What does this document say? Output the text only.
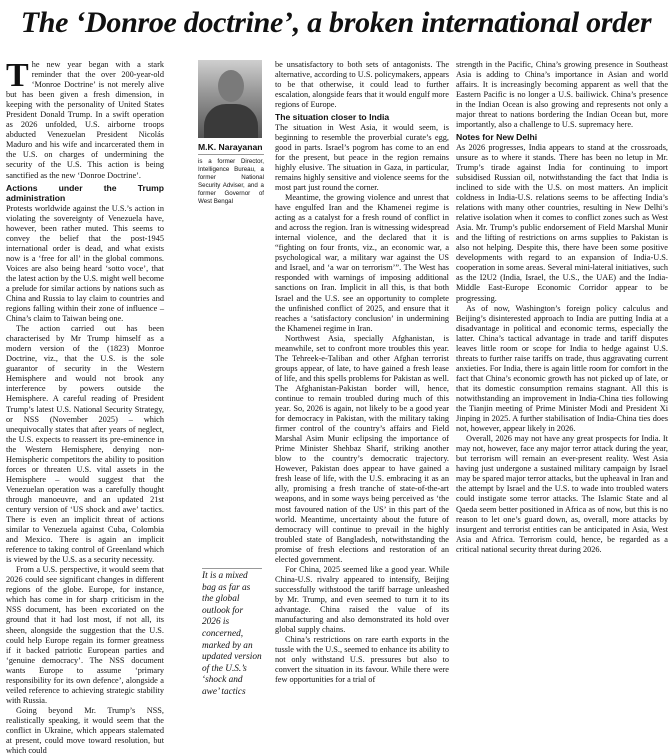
The ‘Donroe doctrine’, a broken international order

The new year began with a stark reminder that the over 200-year-old ‘Monroe Doctrine’ is not merely alive but has been given a fresh dimension, in keeping with the personality of United States President Donald Trump. In a swift operation as 2026 unfolded, U.S. airborne troops abducted Venezuelan President Nicolás Maduro and his wife and incarcerated them in the U.S. on charges of undermining the security of the U.S. This action is being sanctified as the new ‘Donroe Doctrine’.

Actions under the Trump administration

Protests worldwide against the U.S.’s action in violating the sovereignty of Venezuela have, however, been rather muted. This seems to convey the belief that the post-1945 international order is dead, and what exists now is a ‘free for all’ in the global commons. Voices are also being heard ‘sotto voce’, that the latest action by the U.S. might well become a prelude for similar actions by nations such as China and Russia to lay claim to countries and regions falling within their zone of influence – China’s claim to Taiwan being one.

The action carried out has been characterised by Mr Trump himself as a modern version of the (1823) Monroe Doctrine, viz., that the U.S. is the sole guarantor of security in the Western Hemisphere and would not brook any interference by powers outside the Hemisphere. A careful reading of President Trump’s latest U.S. National Security Strategy, or NSS (November 2025) – which unequivocally states that after years of neglect, the U.S. expects to reassert its pre-eminence in the Western Hemisphere, denying non-Hemispheric competitors the ability to position forces or threaten U.S. vital assets in the Hemisphere – would suggest that the Venezuelan operation was a carefully thought through manoeuvre, and an updated 21st century version of ‘US shock and awe’ tactics. There is even an implicit threat of actions similar to Venezuela against Cuba, Colombia and Mexico. There is again an implicit reference to taking control of Greenland which is viewed by the U.S. as a security necessity.

From a U.S. perspective, it would seem that 2026 could see significant changes in different regions of the globe. Europe, for instance, which has come in for sharp criticism in the NSS document, has been excoriated on the ground that it had lost most, if not all, its sheen, alongside the suggestion that the U.S. could help Europe regain its former greatness if it backed patriotic European parties and ‘genuine democracy’. The NSS document wants Europe to assume ‘primary responsibility for its own defence’, alongside a veiled reference to achieving strategic stability with Russia.

Going beyond Mr. Trump’s NSS, realistically speaking, it would seem that the conflict in Ukraine, which appears stalemated at present, could move toward resolution, but which could

M.K. Narayanan
is a former Director, Intelligence Bureau, a former National Security Adviser, and a former Governor of West Bengal
It is a mixed bag as far as the global outlook for 2026 is concerned, marked by an updated version of the U.S.’s ‘shock and awe’ tactics

be unsatisfactory to both sets of antagonists. The alternative, according to U.S. policymakers, appears to be that otherwise, it could lead to further escalation, alongside fears that it would engulf more regions of Europe.

The situation closer to India

The situation in West Asia, it would seem, is beginning to resemble the proverbial curate’s egg, good in parts. Israel’s pogrom has come to an end for the present, but peace in the region remains highly elusive. The situation in Gaza, in particular, remains highly sensitive and violence seems for the most part just round the corner.

Meantime, the growing violence and unrest that have engulfed Iran and the Khamenei regime is acting as a catalyst for a fresh round of conflict in and across the region. Iran is witnessing widespread internal violence, and the declared that it is “fighting on four fronts, viz., an economic war, a psychological war, a military war against the US and Israel, and ‘a war on terrorism’”. The West has responded with warnings of imposing additional sanctions on Iran. Implicit in all this, is that both Israel and the U.S. see an opportunity to complete the unfinished conflict of 2025, and ensure that it reaches a ‘satisfactory conclusion’ in undermining the Khamenei regime in Iran.

Northwest Asia, specially Afghanistan, is meanwhile, set to confront more troubles this year. The Tehreek-e-Taliban and other Afghan terrorist groups appear, of late, to have gained a fresh lease of life, and this spells problems for Pakistan as well. The Afghanistan-Pakistan border will, hence, continue to remain troubled during much of this year. So, 2026 is again, not likely to be a good year for democracy in Pakistan, with the military taking firmer control of the country’s affairs and Field Marshal Asim Munir eclipsing the importance of Prime Minister Shehbaz Sharif, striking another blow to the country’s democratic trajectory. However, Pakistan does appear to have gained a fresh lease of life, with the U.S. embracing it as an ally, promising a fresh tranche of state-of-the-art weapons, and in some ways being perceived as ‘the most favoured nation of the US’ in this part of the world. Meantime, uncertainty about the future of democracy will continue to prevail in the highly troubled state of Bangladesh, notwithstanding the promise of fresh elections and restoration of an elected government.

For China, 2025 seemed like a good year. While China-U.S. rivalry appeared to intensify, Beijing successfully withstood the tariff barrage unleashed by Mr. Trump, and even seemed to turn it to its advantage. China raised the value of its manufacturing and also demonstrated its hold over global supply chains.

China’s restrictions on rare earth exports in the tussle with the U.S., seemed to enhance its ability to not only withstand U.S. pressures but also to convert the situation in its favour. While there were few opportunities for a trial of

strength in the Pacific, China’s growing presence in Southeast Asia is adding to China’s importance in Asian and world affairs. It is increasingly becoming apparent as well that the Eastern Pacific is no longer a U.S. bailiwick. China’s presence in the Indian Ocean is also growing and represents not only a major threat to nations bordering the Indian Ocean but, more importantly, also a challenge to U.S. supremacy here.

Notes for New Delhi

As 2026 progresses, India appears to stand at the crossroads, unsure as to where it stands. There has been no letup in Mr. Trump’s tirade against India for continuing to import subsidised Russian oil, notwithstanding the fact that India is inclined to side with the U.S. on most matters. An implicit coldness in India-U.S. relations seems to be affecting India’s relations with many other countries, resulting in New Delhi’s relative isolation when it comes to conflict zones such as West Asia. Mr. Trump’s public endorsement of Field Marshal Munir and the lifting of restrictions on arms supplies to Pakistan is also not helping. Despite this, there have been some positive developments with regard to an expansion of India-U.S. cooperation in some areas. Several mini-lateral initiatives, such as the I2U2 (India, Israel, the U.S., the UAE) and the India-Middle East-Europe Economic Corridor appear to be progressing.

As of now, Washington’s foreign policy calculus and Beijing’s disinterested approach to India are putting India at a disadvantage in political and economic terms, especially the latter. China’s tactical advantage in trade and tariff disputes leaves little room or scope for India to hedge against U.S. threats to further raise tariffs on trade, thus aggravating current anxieties. For India, there is again little room for comfort in the fact that China’s economic growth has not picked up of late, or that its domestic consumption remains stagnant. All this is notwithstanding an improvement in India-China ties following the Tianjin meeting of Prime Minister Modi and President Xi Jinping in 2025. A further stabilisation of India-China ties does not, however, appear likely in 2026.

Overall, 2026 may not have any great prospects for India. It may not, however, face any major terror attack during the year, but terrorism will remain an ever-present reality. West Asia having just undergone a sustained military campaign by Israel may be spared major terror attacks, but the upheaval in Iran and the attempt by Israel and the U.S. to wade into troubled waters could instigate some terror attacks. The Islamic State and al Qaeda seem better positioned in Africa as of now, but this is no reason to let one’s guard down, as, overall, more attacks by insurgent and terrorist entities can be anticipated in Asia, West Asia and Africa. Terrorism could, hence, be regarded as a critical national security threat during 2026.
